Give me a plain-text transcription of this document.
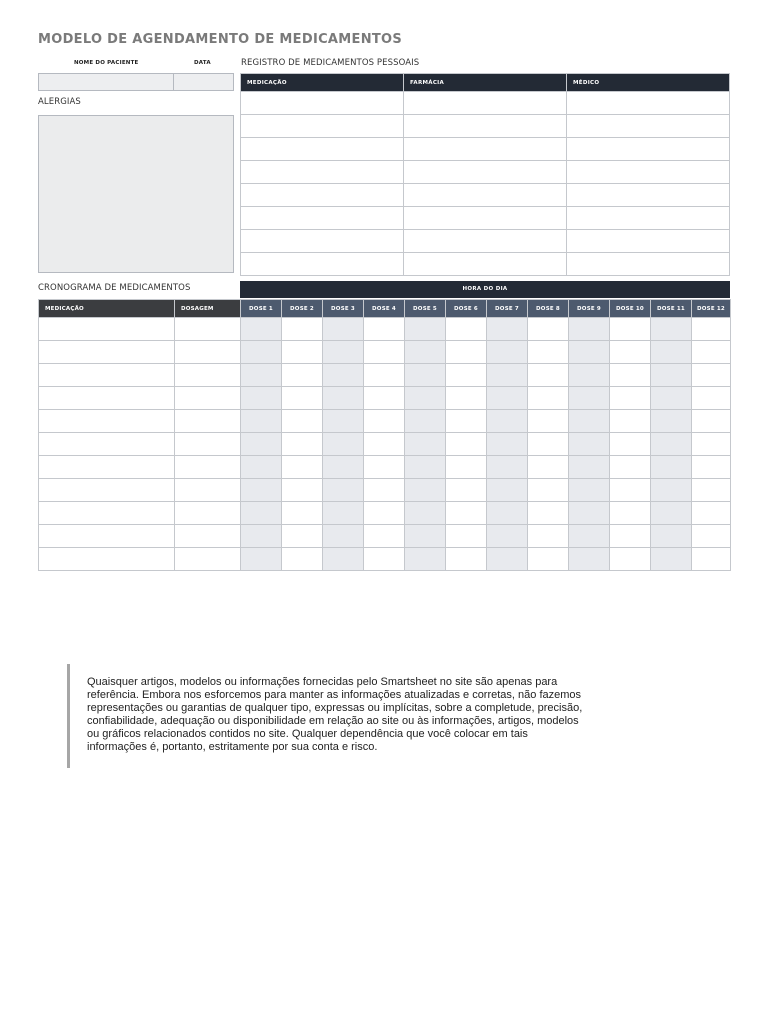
MODELO DE AGENDAMENTO DE MEDICAMENTOS
NOME DO PACIENTE	DATA	REGISTRO DE MEDICAMENTOS PESSOAIS
ALERGIAS
MEDICAÇÃO	FARMÁCIA	MÉDICO

CRONOGRAMA DE MEDICAMENTOS	HORA DO DIA
MEDICAÇÃO	DOSAGEM	DOSE 1	DOSE 2	DOSE 3	DOSE 4	DOSE 5	DOSE 6	DOSE 7	DOSE 8	DOSE 9	DOSE 10	DOSE 11	DOSE 12

Quaisquer artigos, modelos ou informações fornecidas pelo Smartsheet no site são apenas para referência. Embora nos esforcemos para manter as informações atualizadas e corretas, não fazemos representações ou garantias de qualquer tipo, expressas ou implícitas, sobre a completude, precisão, confiabilidade, adequação ou disponibilidade em relação ao site ou às informações, artigos, modelos ou gráficos relacionados contidos no site. Qualquer dependência que você colocar em tais informações é, portanto, estritamente por sua conta e risco.
